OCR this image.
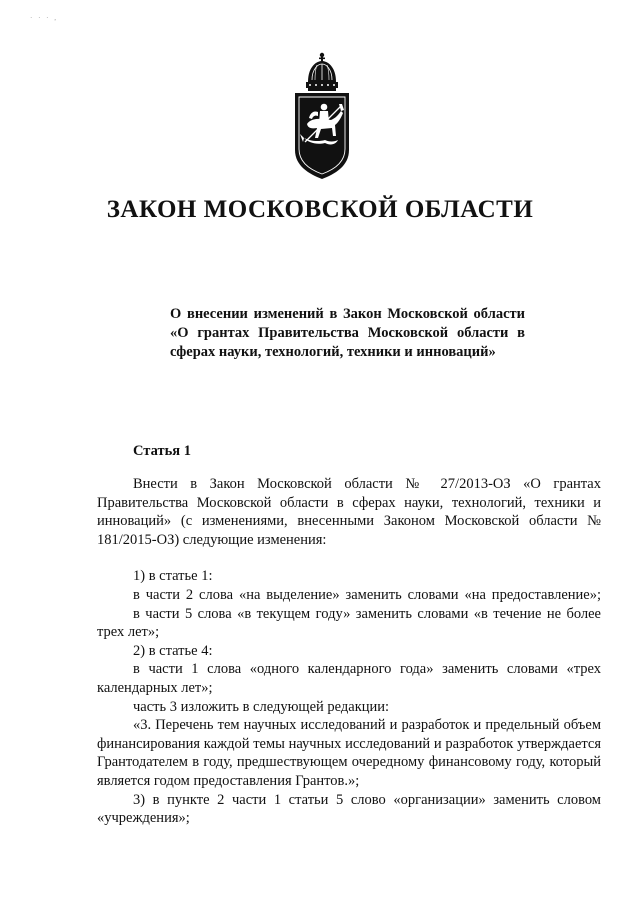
· · · ,
ЗАКОН МОСКОВСКОЙ ОБЛАСТИ

О внесении изменений в Закон Московской области «О грантах Правительства Московской области в сферах науки, технологий, техники и инноваций»

Статья 1

Внести в Закон Московской области № 27/2013-ОЗ «О грантах Правительства Московской области в сферах науки, технологий, техники и инноваций» (с изменениями, внесенными Законом Московской области № 181/2015-ОЗ) следующие изменения:

1) в статье 1:

в части 2 слова «на выделение» заменить словами «на предоставление»;

в части 5 слова «в текущем году» заменить словами «в течение не более трех лет»;

2) в статье 4:

в части 1 слова «одного календарного года» заменить словами «трех календарных лет»;

часть 3 изложить в следующей редакции:

«3. Перечень тем научных исследований и разработок и предельный объем финансирования каждой темы научных исследований и разработок утверждается Грантодателем в году, предшествующем очередному финансовому году, который является годом предоставления Грантов.»;

3) в пункте 2 части 1 статьи 5 слово «организации» заменить словом «учреждения»;
